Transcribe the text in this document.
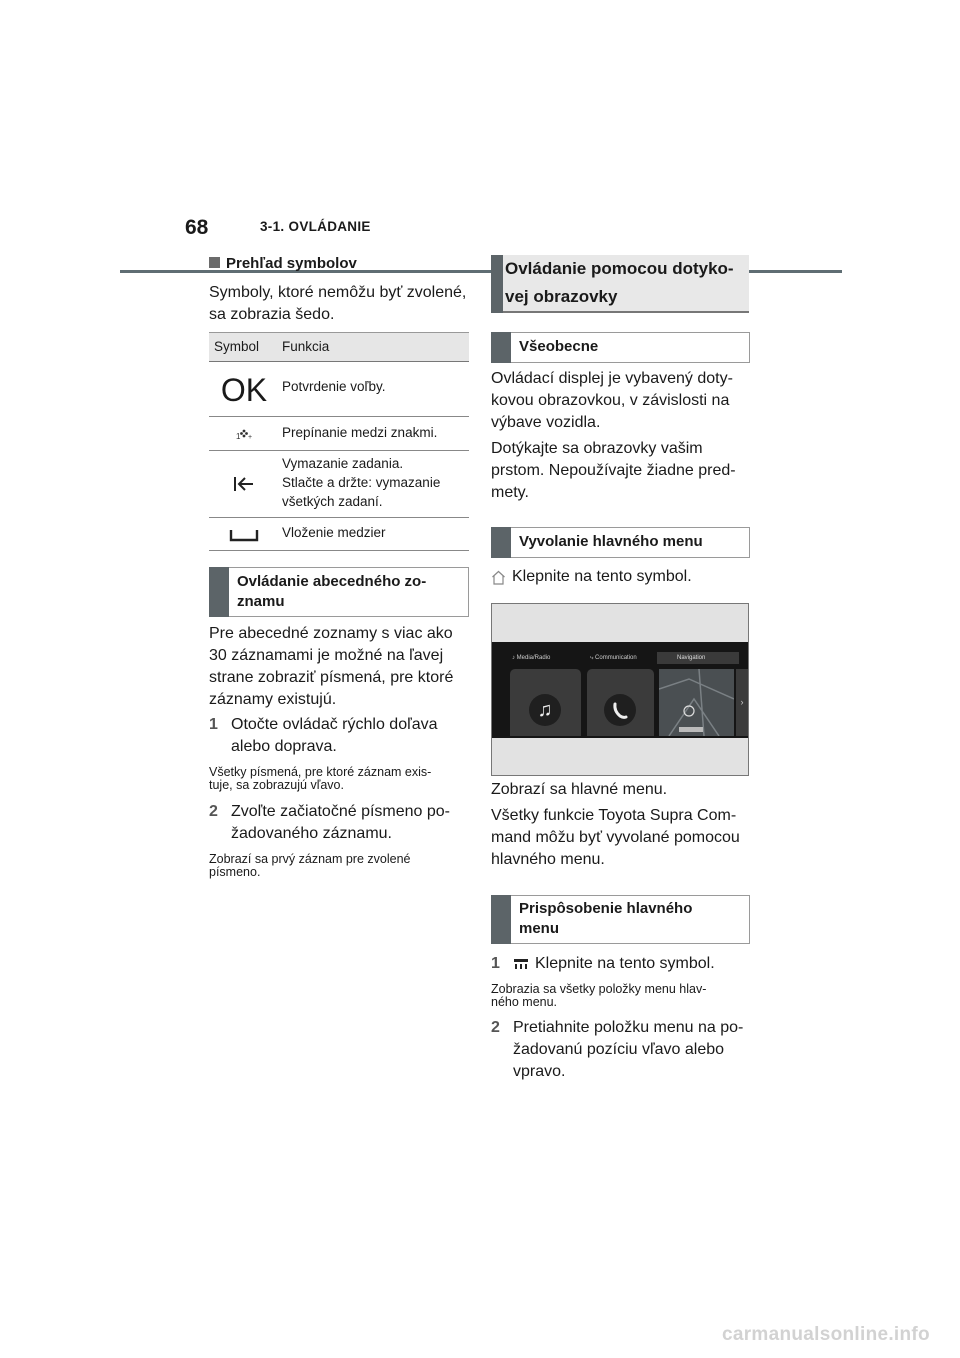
68	3-1. OVLÁDANIE
Prehľad symbolov
Symboly, ktoré nemôžu byť zvolené,
sa zobrazia šedo.
Symbol Funkcia
OK	Potvrdenie voľby.
1 + Prepínanie medzi znakmi.
Vymazanie zadania.
Stlačte a držte: vymazanie
všetkých zadaní.
Vloženie medzier
Ovládanie abecedného zo-
znamu
Pre abecedné zoznamy s viac ako
30 záznamami je možné na ľavej
strane zobraziť písmená, pre ktoré
záznamy existujú.
1 Otočte ovládač rýchlo doľava
alebo doprava.
Všetky písmená, pre ktoré záznam exis-
tuje, sa zobrazujú vľavo.
2 Zvoľte začiatočné písmeno po-
žadovaného záznamu.
Zobrazí sa prvý záznam pre zvolené
písmeno.
Ovládanie pomocou dotyko-
vej obrazovky
Všeobecne
Ovládací displej je vybavený doty-
kovou obrazovkou, v závislosti na
výbave vozidla.
Dotýkajte sa obrazovky vašim
prstom. Nepoužívajte žiadne pred-
mety.
Vyvolanie hlavného menu
Klepnite na tento symbol.
♪ Media/Radio	⤷ Communication	Navigation
♫	›
Zobrazí sa hlavné menu.
Všetky funkcie Toyota Supra Com-
mand môžu byť vyvolané pomocou
hlavného menu.
Prispôsobenie hlavného
menu
1	Klepnite na tento symbol.
Zobrazia sa všetky položky menu hlav-
ného menu.
2 Pretiahnite položku menu na po-
žadovanú pozíciu vľavo alebo
vpravo.
carmanualsonline.info
